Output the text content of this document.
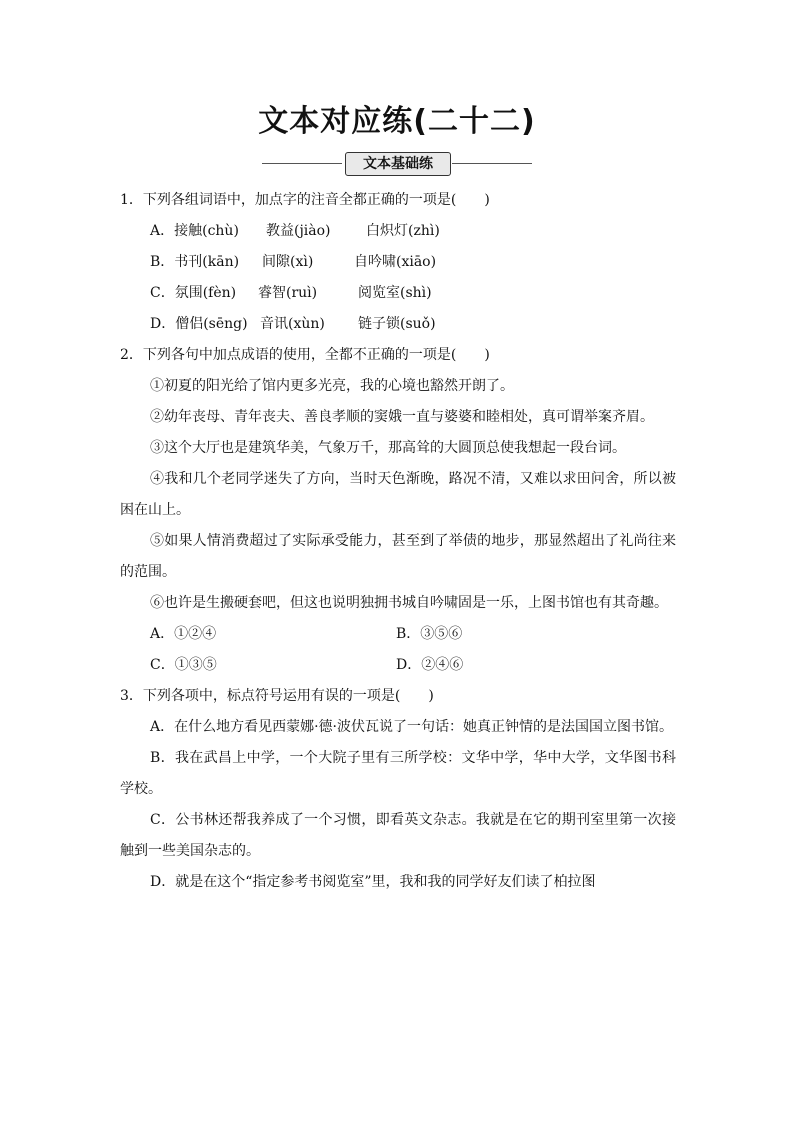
文本对应练(二十二)
文本基础练

1．下列各组词语中，加点字的注音全都正确的一项是(　　)

A．接触(chù)	教益(jiào)	白炽灯(zhì)
B．书刊(kān)	间隙(xì)	自吟啸(xiāo)
C．氛围(fèn)	睿智(ruì)	阅览室(shì)
D．僧侣(sēng) 音讯(xùn)	链子锁(suǒ)

2．下列各句中加点成语的使用，全都不正确的一项是(　　)

①初夏的阳光给了馆内更多光亮，我的心境也豁然开朗了。

②幼年丧母、青年丧夫、善良孝顺的窦娥一直与婆婆和睦相处，真可谓举案齐眉。

③这个大厅也是建筑华美，气象万千，那高耸的大圆顶总使我想起一段台词。

④我和几个老同学迷失了方向，当时天色渐晚，路况不清，又难以求田问舍，所以被困在山上。

⑤如果人情消费超过了实际承受能力，甚至到了举债的地步，那显然超出了礼尚往来的范围。

⑥也许是生搬硬套吧，但这也说明独拥书城自吟啸固是一乐，上图书馆也有其奇趣。

A．①②④	B．③⑤⑥
C．①③⑤	D．②④⑥

3．下列各项中，标点符号运用有误的一项是(　　)

A．在什么地方看见西蒙娜·德·波伏瓦说了一句话：她真正钟情的是法国国立图书馆。

B．我在武昌上中学，一个大院子里有三所学校：文华中学，华中大学，文华图书科学校。

C．公书林还帮我养成了一个习惯，即看英文杂志。我就是在它的期刊室里第一次接触到一些美国杂志的。

D．就是在这个“指定参考书阅览室”里，我和我的同学好友们读了柏拉图
